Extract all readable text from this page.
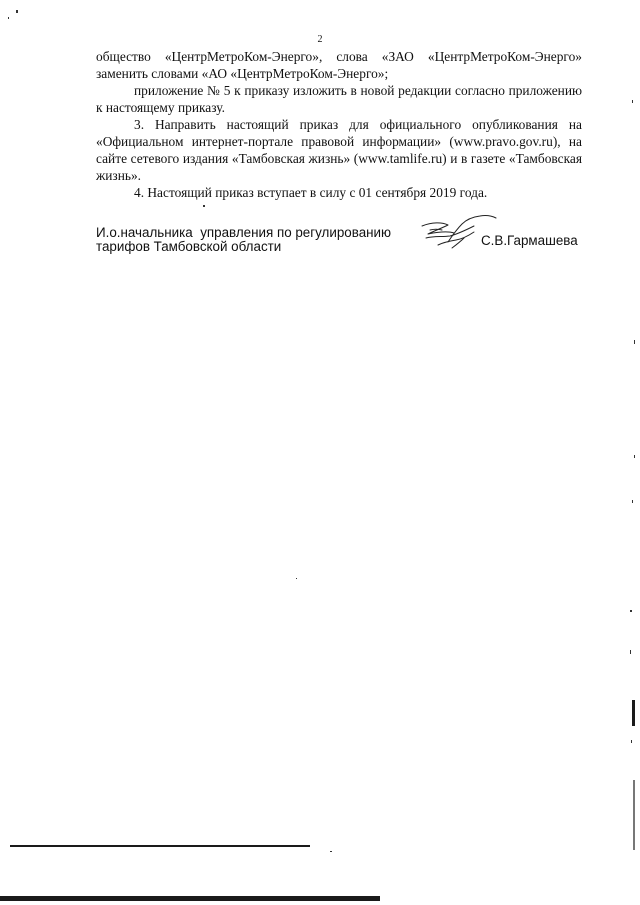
2

общество «ЦентрМетроКом-Энерго», слова «ЗАО «ЦентрМетроКом-Энерго» заменить словами «АО «ЦентрМетроКом-Энерго»;

приложение № 5 к приказу изложить в новой редакции согласно приложению к настоящему приказу.

3. Направить настоящий приказ для официального опубликования на «Официальном интернет-портале правовой информации» (www.pravo.gov.ru), на сайте сетевого издания «Тамбовская жизнь» (www.tamlife.ru) и в газете «Тамбовская жизнь».

4. Настоящий приказ вступает в силу с 01 сентября 2019 года.

И.о.начальника  управления по регулированию
тарифов Тамбовской области	С.В.Гармашева
